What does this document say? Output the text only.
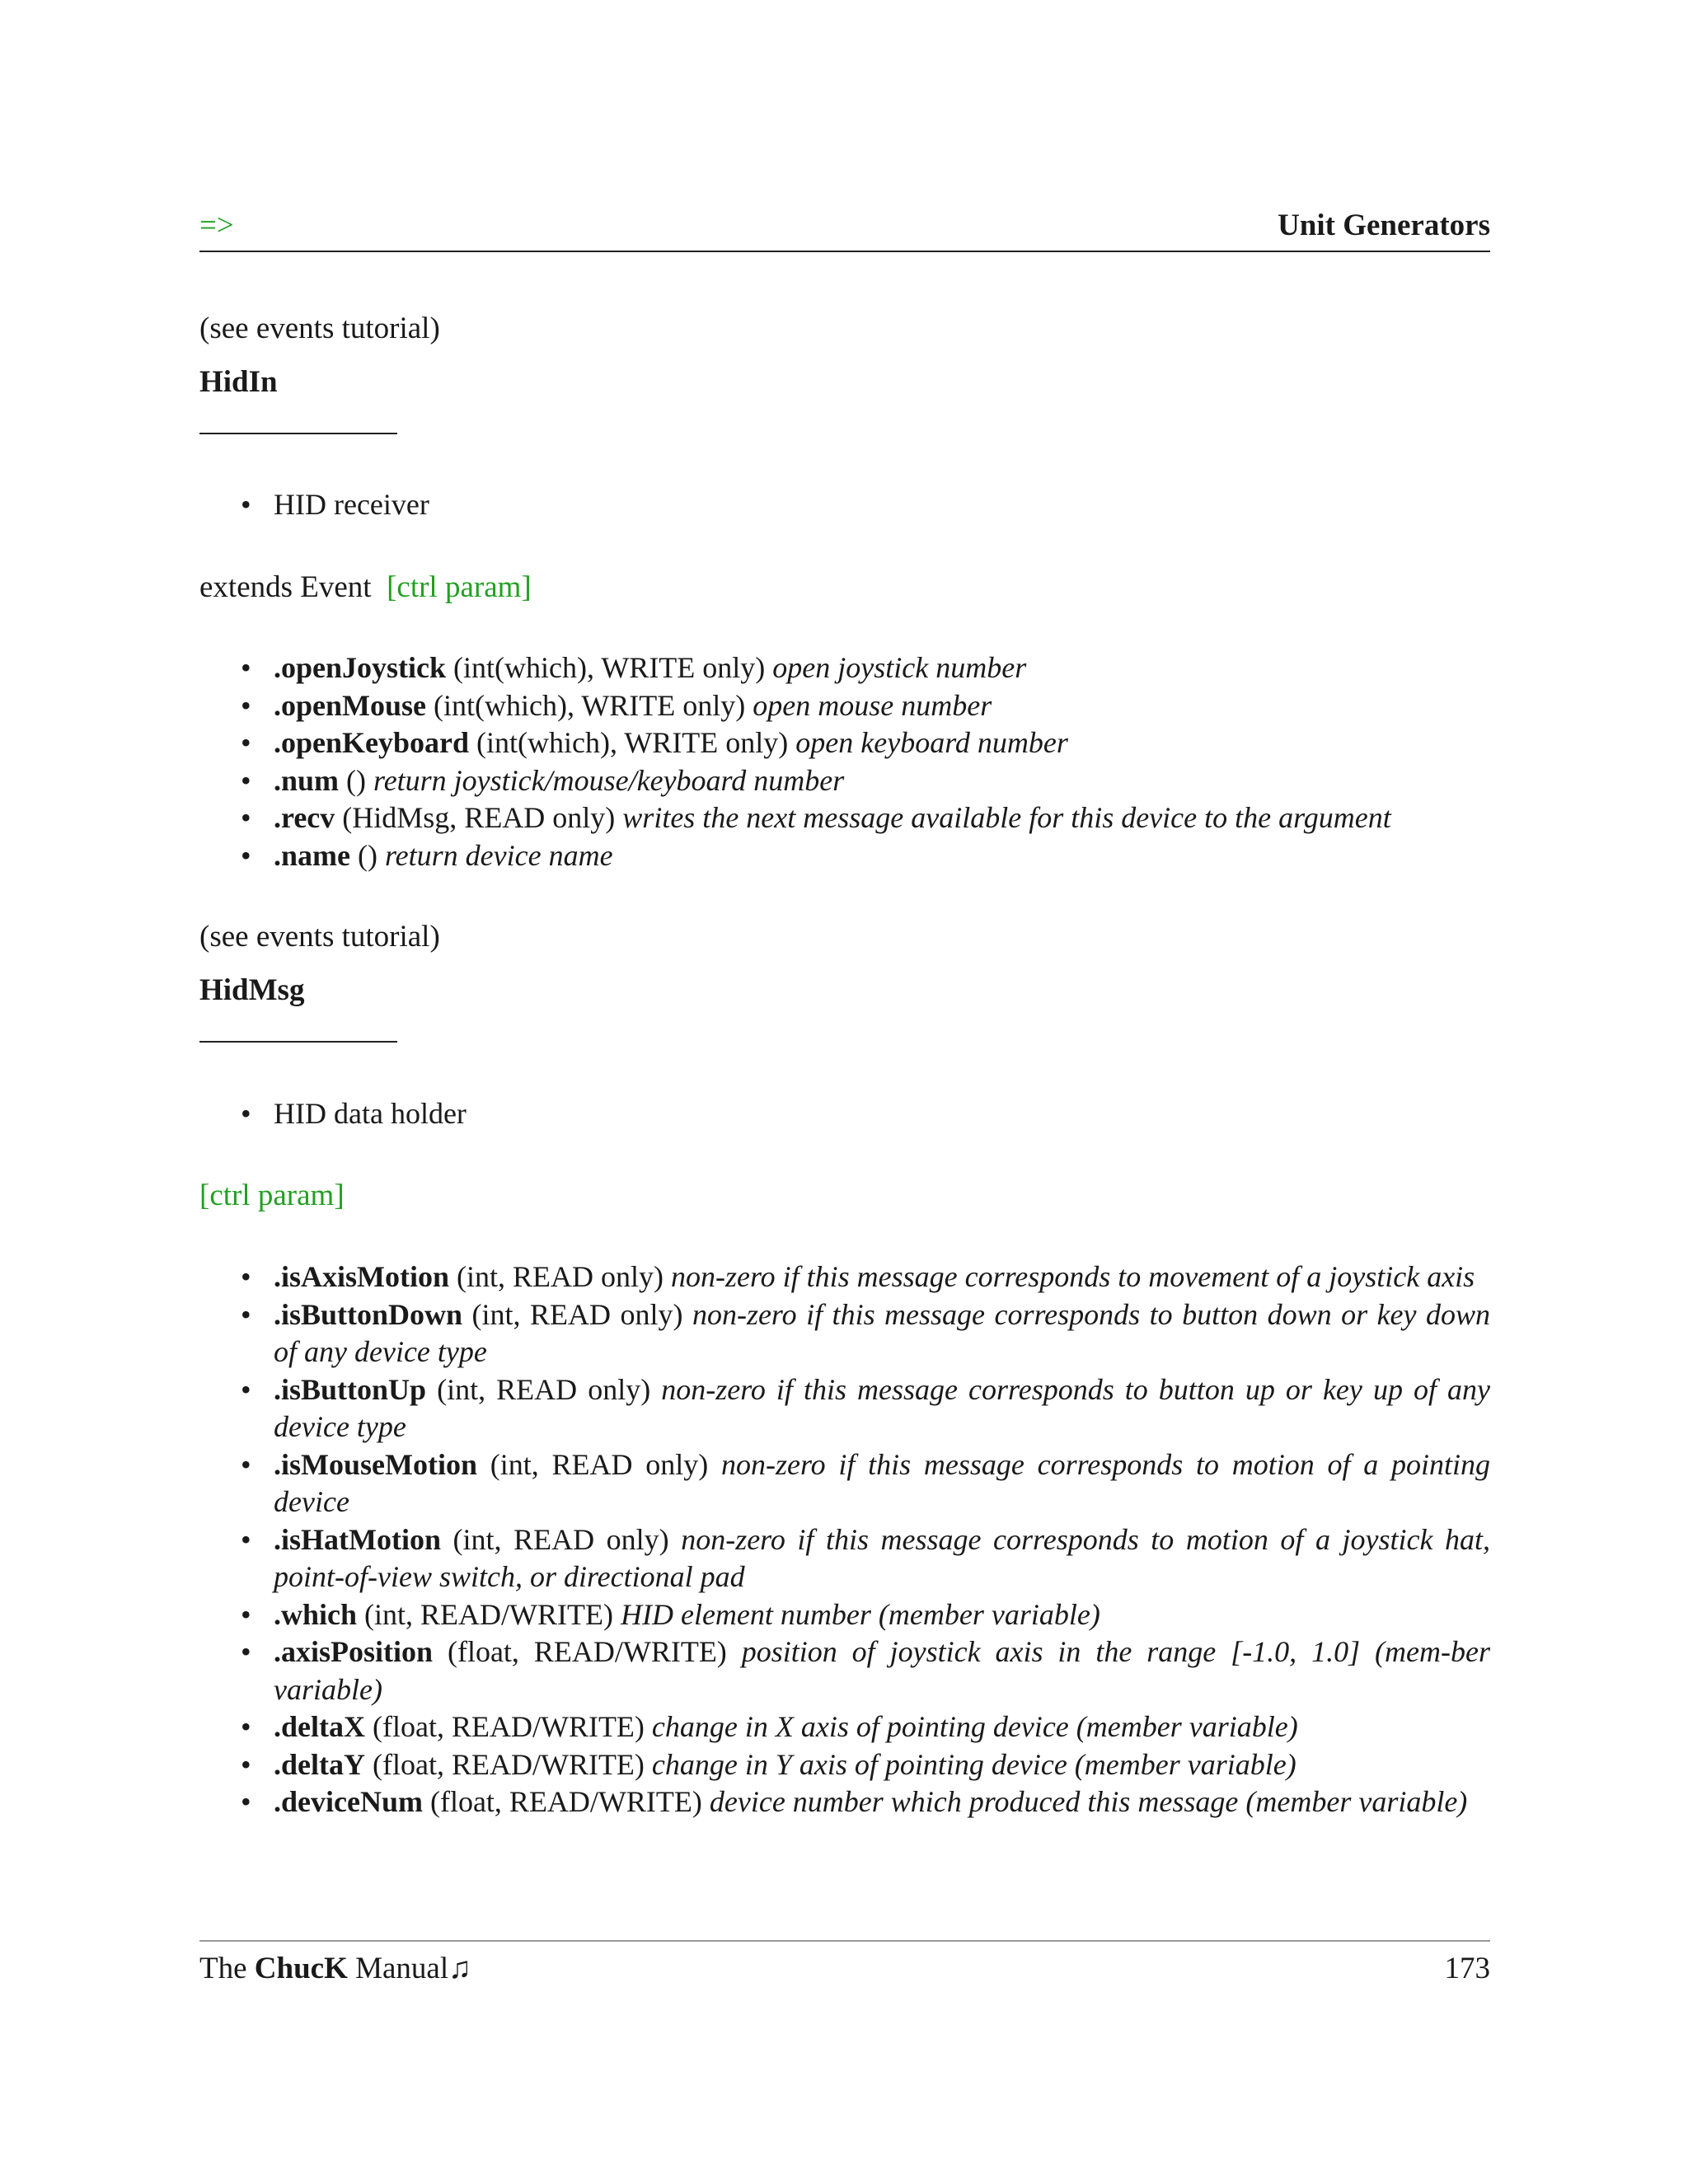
=>	Unit Generators
(see events tutorial)
HidIn
• HID receiver
extends Event [ctrl param]
• .openJoystick (int(which), WRITE only) open joystick number
• .openMouse (int(which), WRITE only) open mouse number
• .openKeyboard (int(which), WRITE only) open keyboard number
• .num () return joystick/mouse/keyboard number
• .recv (HidMsg, READ only) writes the next message available for this device to the argument
• .name () return device name
(see events tutorial)
HidMsg
• HID data holder
[ctrl param]
• .isAxisMotion (int, READ only) non-zero if this message corresponds to movement of a joystick axis
• .isButtonDown (int, READ only) non-zero if this message corresponds to button down or key down of any device type
• .isButtonUp (int, READ only) non-zero if this message corresponds to button up or key up of any device type
• .isMouseMotion (int, READ only) non-zero if this message corresponds to motion of a pointing device
• .isHatMotion (int, READ only) non-zero if this message corresponds to motion of a joystick hat, point-of-view switch, or directional pad
• .which (int, READ/WRITE) HID element number (member variable)
• .axisPosition (float, READ/WRITE) position of joystick axis in the range [-1.0, 1.0] (mem-ber variable)
• .deltaX (float, READ/WRITE) change in X axis of pointing device (member variable)
• .deltaY (float, READ/WRITE) change in Y axis of pointing device (member variable)
• .deviceNum (float, READ/WRITE) device number which produced this message (member variable)
The ChucK Manual♫	173
